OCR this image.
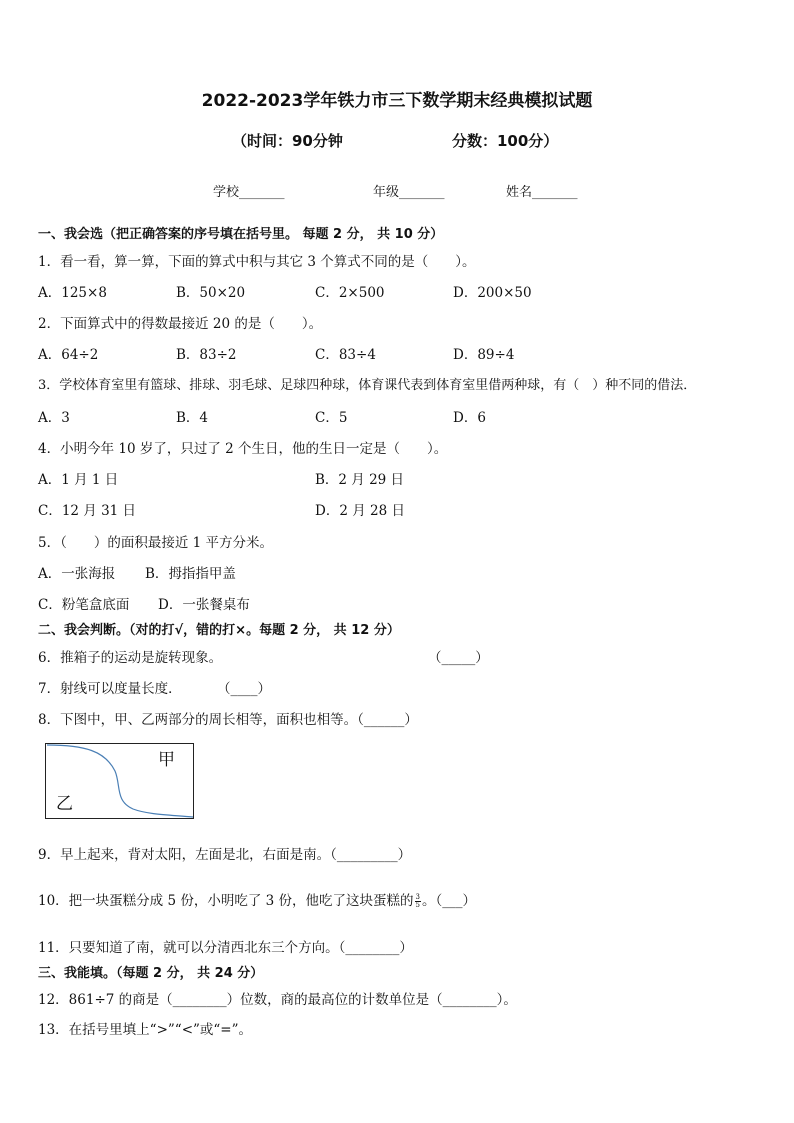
2022-2023学年铁力市三下数学期末经典模拟试题
（时间：90分钟	分数：100分）
学校_______	年级_______	姓名_______
一、我会选（把正确答案的序号填在括号里。 每题 2 分， 共 10 分）
1．看一看，算一算，下面的算式中积与其它 3 个算式不同的是（　　）。
A．125×8	B．50×20	C．2×500	D．200×50
2．下面算式中的得数最接近 20 的是（　　）。
A．64÷2	B．83÷2	C．83÷4	D．89÷4
3．学校体育室里有篮球、排球、羽毛球、足球四种球，体育课代表到体育室里借两种球，有（　）种不同的借法．
A．3	B．4	C．5	D．6
4．小明今年 10 岁了，只过了 2 个生日，他的生日一定是（　　）。
A．1 月 1 日	B．2 月 29 日
C．12 月 31 日	D．2 月 28 日
5．（　　）的面积最接近 1 平方分米。
A．一张海报 B．拇指指甲盖
C．粉笔盒底面 D．一张餐桌布
二、我会判断。（对的打√，错的打×。每题 2 分， 共 12 分）
6．推箱子的运动是旋转现象。	（_____）
7．射线可以度量长度．	（____）
8．下图中，甲、乙两部分的周长相等，面积也相等。（______）
甲
乙
9．早上起来，背对太阳，左面是北，右面是南。（_________）
10．把一块蛋糕分成 5 份，小明吃了 3 份，他吃了这块蛋糕的 $\frac{3}{5}$ 。（___）
11．只要知道了南，就可以分清西北东三个方向。（________）
三、我能填。（每题 2 分， 共 24 分）
12．861÷7 的商是（________）位数，商的最高位的计数单位是（________）。
13．在括号里填上“>”“<”或“=”。
